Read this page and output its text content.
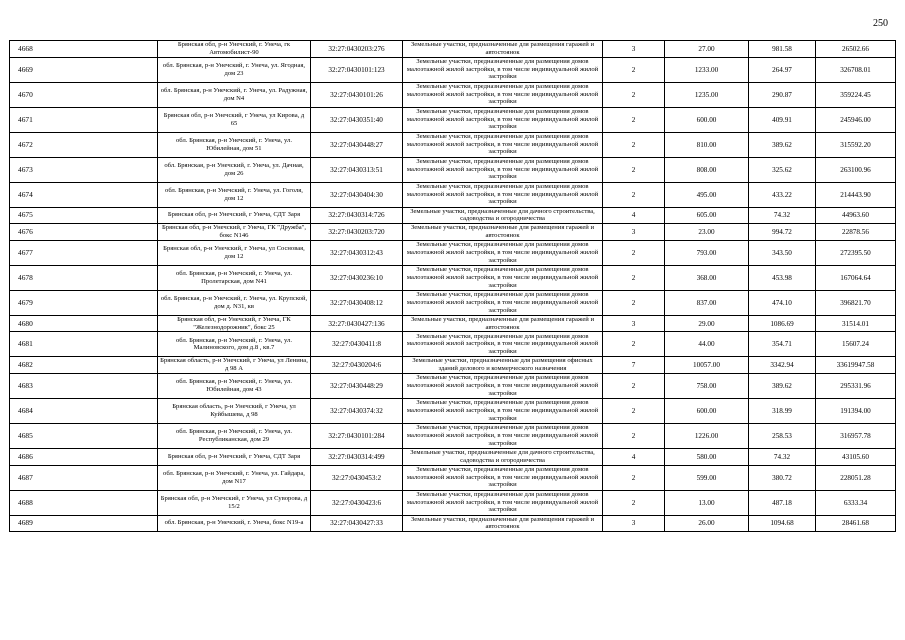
250
4668	Брянская обл, р-н Унечский, г. Унеча, гк Автомобилист-90	32:27:0430203:276	Земельные участки, предназначенные для размещения гаражей и автостоянок	3	27.00	981.58	26502.66
4669	обл. Брянская, р-н Унечский, г. Унеча, ул. Ягодная, дом 23	32:27:0430101:123	Земельные участки, предназначенные для размещения домов малоэтажной жилой застройки, в том числе индивидуальной жилой застройки	2	1233.00	264.97	326708.01
4670	обл. Брянская, р-н Унечский, г. Унеча, ул. Радужная, дом N4	32:27:0430101:26	Земельные участки, предназначенные для размещения домов малоэтажной жилой застройки, в том числе индивидуальной жилой застройки	2	1235.00	290.87	359224.45
4671	Брянская обл, р-н Унечский, г Унеча, ул Кирова, д 65	32:27:0430351:40	Земельные участки, предназначенные для размещения домов малоэтажной жилой застройки, в том числе индивидуальной жилой застройки	2	600.00	409.91	245946.00
4672	обл. Брянская, р-н Унечский, г. Унеча, ул. Юбилейная, дом 51	32:27:0430448:27	Земельные участки, предназначенные для размещения домов малоэтажной жилой застройки, в том числе индивидуальной жилой застройки	2	810.00	389.62	315592.20
4673	обл. Брянская, р-н Унечский, г. Унеча, ул. Дачная, дом 26	32:27:0430313:51	Земельные участки, предназначенные для размещения домов малоэтажной жилой застройки, в том числе индивидуальной жилой застройки	2	808.00	325.62	263100.96
4674	обл. Брянская, р-н Унечский, г. Унеча, ул. Гоголя, дом 12	32:27:0430404:30	Земельные участки, предназначенные для размещения домов малоэтажной жилой застройки, в том числе индивидуальной жилой застройки	2	495.00	433.22	214443.90
4675	Брянская обл, р-н Унечский, г Унеча, СДТ Заря	32:27:0430314:726	Земельные участки, предназначенные для дачного строительства, садоводства и огородничества	4	605.00	74.32	44963.60
4676	Брянская обл, р-н Унечский, г Унеча, ГК "Дружба", бокс N146	32:27:0430203:720	Земельные участки, предназначенные для размещения гаражей и автостоянок	3	23.00	994.72	22878.56
4677	Брянская обл, р-н Унечский, г Унеча, ул Сосновая, дом 12	32:27:0430312:43	Земельные участки, предназначенные для размещения домов малоэтажной жилой застройки, в том числе индивидуальной жилой застройки	2	793.00	343.50	272395.50
4678	обл. Брянская, р-н Унечский, г. Унеча, ул. Пролетарская, дом N41	32:27:0430236:10	Земельные участки, предназначенные для размещения домов малоэтажной жилой застройки, в том числе индивидуальной жилой застройки	2	368.00	453.98	167064.64
4679	обл. Брянская, р-н Унечский, г. Унеча, ул. Крупской, дом д. N31, кв	32:27:0430408:12	Земельные участки, предназначенные для размещения домов малоэтажной жилой застройки, в том числе индивидуальной жилой застройки	2	837.00	474.10	396821.70
4680	Брянская обл, р-н Унечский, г Унеча, ГК "Железнодорожник", бокс 25	32:27:0430427:136	Земельные участки, предназначенные для размещения гаражей и автостоянок	3	29.00	1086.69	31514.01
4681	обл. Брянская, р-н Унечский, г. Унеча, ул. Малиновского, дом д.8 , кв.7	32:27:0430411:8	Земельные участки, предназначенные для размещения домов малоэтажной жилой застройки, в том числе индивидуальной жилой застройки	2	44.00	354.71	15607.24
4682	Брянская область, р-н Унечский, г Унеча, ул Ленина, д 98 А	32:27:0430204:6	Земельные участки, предназначенные для размещения офисных зданий делового и коммерческого назначения	7	10057.00	3342.94	33619947.58
4683	обл. Брянская, р-н Унечский, г. Унеча, ул. Юбилейная, дом 43	32:27:0430448:29	Земельные участки, предназначенные для размещения домов малоэтажной жилой застройки, в том числе индивидуальной жилой застройки	2	758.00	389.62	295331.96
4684	Брянская область, р-н Унечский, г Унеча, ул Куйбышева, д 98	32:27:0430374:32	Земельные участки, предназначенные для размещения домов малоэтажной жилой застройки, в том числе индивидуальной жилой застройки	2	600.00	318.99	191394.00
4685	обл. Брянская, р-н Унечский, г. Унеча, ул. Республиканская, дом 29	32:27:0430101:284	Земельные участки, предназначенные для размещения домов малоэтажной жилой застройки, в том числе индивидуальной жилой застройки	2	1226.00	258.53	316957.78
4686	Брянская обл, р-н Унечский, г Унеча, СДТ Заря	32:27:0430314:499	Земельные участки, предназначенные для дачного строительства, садоводства и огородничества	4	580.00	74.32	43105.60
4687	обл. Брянская, р-н Унечский, г. Унеча, ул. Гайдара, дом N17	32:27:0430453:2	Земельные участки, предназначенные для размещения домов малоэтажной жилой застройки, в том числе индивидуальной жилой застройки	2	599.00	380.72	228051.28
4688	Брянская обл, р-н Унечский, г Унеча, ул Суворова, д 15/2	32:27:0430423:6	Земельные участки, предназначенные для размещения домов малоэтажной жилой застройки, в том числе индивидуальной жилой застройки	2	13.00	487.18	6333.34
4689	обл. Брянская, р-н Унечский, г. Унеча, бокс N19-а	32:27:0430427:33	Земельные участки, предназначенные для размещения гаражей и автостоянок	3	26.00	1094.68	28461.68
